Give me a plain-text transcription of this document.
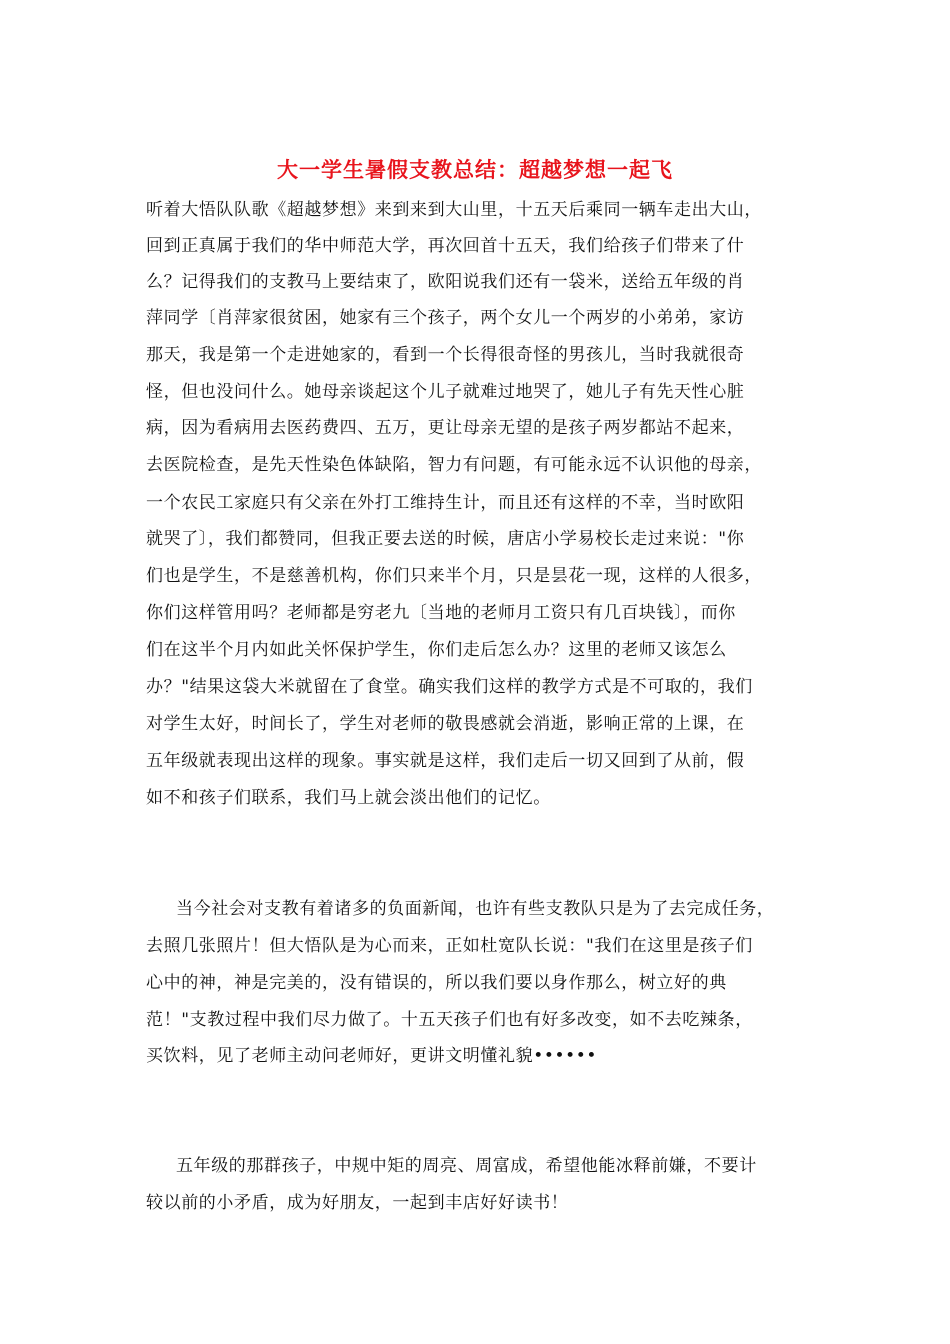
大一学生暑假支教总结：超越梦想一起飞
听着大悟队队歌《超越梦想》来到来到大山里，十五天后乘同一辆车走出大山，
回到正真属于我们的华中师范大学，再次回首十五天，我们给孩子们带来了什
么？记得我们的支教马上要结束了，欧阳说我们还有一袋米，送给五年级的肖
萍同学〔肖萍家很贫困，她家有三个孩子，两个女儿一个两岁的小弟弟，家访
那天，我是第一个走进她家的，看到一个长得很奇怪的男孩儿，当时我就很奇
怪，但也没问什么。她母亲谈起这个儿子就难过地哭了，她儿子有先天性心脏
病，因为看病用去医药费四、五万，更让母亲无望的是孩子两岁都站不起来，
去医院检查，是先天性染色体缺陷，智力有问题，有可能永远不认识他的母亲，
一个农民工家庭只有父亲在外打工维持生计，而且还有这样的不幸，当时欧阳
就哭了〕，我们都赞同，但我正要去送的时候，唐店小学易校长走过来说："你
们也是学生，不是慈善机构，你们只来半个月，只是昙花一现，这样的人很多，
你们这样管用吗？老师都是穷老九〔当地的老师月工资只有几百块钱〕，而你
们在这半个月内如此关怀保护学生，你们走后怎么办？这里的老师又该怎么
办？"结果这袋大米就留在了食堂。确实我们这样的教学方式是不可取的，我们
对学生太好，时间长了，学生对老师的敬畏感就会消逝，影响正常的上课，在
五年级就表现出这样的现象。事实就是这样，我们走后一切又回到了从前，假
如不和孩子们联系，我们马上就会淡出他们的记忆。
当今社会对支教有着诸多的负面新闻，也许有些支教队只是为了去完成任务，
去照几张照片！但大悟队是为心而来，正如杜宽队长说："我们在这里是孩子们
心中的神，神是完美的，没有错误的，所以我们要以身作那么，树立好的典
范！"支教过程中我们尽力做了。十五天孩子们也有好多改变，如不去吃辣条，
买饮料，见了老师主动问老师好，更讲文明懂礼貌••••••
五年级的那群孩子，中规中矩的周亮、周富成，希望他能冰释前嫌，不要计
较以前的小矛盾，成为好朋友，一起到丰店好好读书！
